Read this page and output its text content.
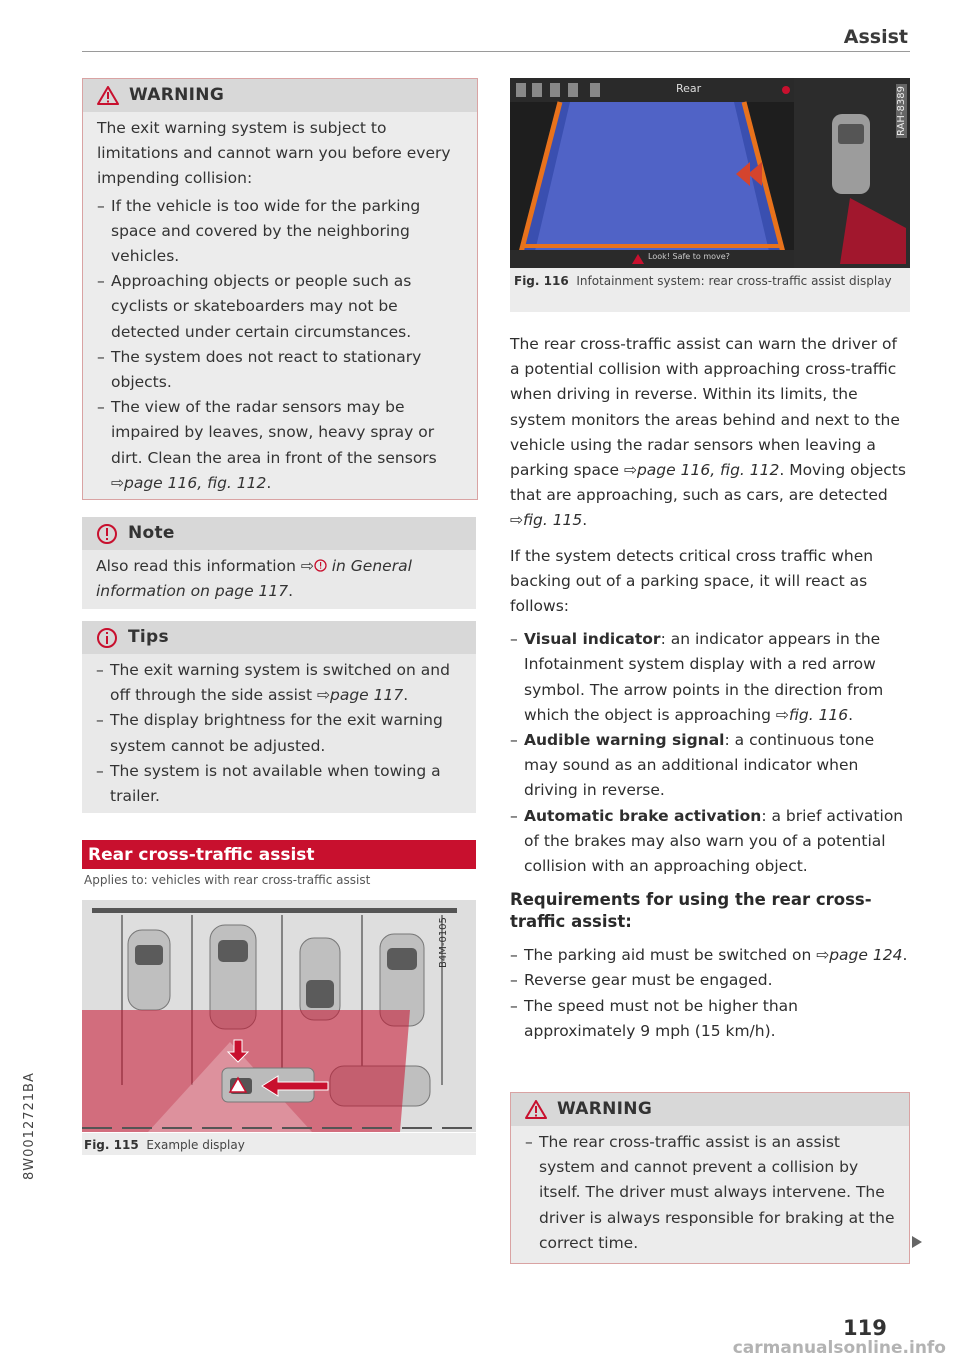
Assist
8W0012721BA
WARNING

The exit warning system is subject to limitations and cannot warn you before every impending collision:

– If the vehicle is too wide for the parking space and covered by the neighboring vehicles.

– Approaching objects or people such as cyclists or skateboarders may not be detected under certain circumstances.

– The system does not react to stationary objects.

– The view of the radar sensors may be impaired by leaves, snow, heavy spray or dirt. Clean the area in front of the sensors ⇨page 116, fig. 112.

Note

Also read this information ⇨ in General information on page 117.

Tips

– The exit warning system is switched on and off through the side assist ⇨page 117.

– The display brightness for the exit warning system cannot be adjusted.

– The system is not available when towing a trailer.

Rear cross-traffic assist
Applies to: vehicles with rear cross-traffic assist
B4M-0105
Fig. 115 Example display
Rear
Look! Safe to move?
RAH-8389
Fig. 116 Infotainment system: rear cross-traffic assist display

The rear cross-traffic assist can warn the driver of a potential collision with approaching cross-traffic when driving in reverse. Within its limits, the system monitors the areas behind and next to the vehicle using the radar sensors when leaving a parking space ⇨page 116, fig. 112. Moving objects that are approaching, such as cars, are detected ⇨fig. 115.

If the system detects critical cross traffic when backing out of a parking space, it will react as follows:

– Visual indicator: an indicator appears in the Infotainment system display with a red arrow symbol. The arrow points in the direction from which the object is approaching ⇨fig. 116.
– Audible warning signal: a continuous tone may sound as an additional indicator when driving in reverse.
– Automatic brake activation: a brief activation of the brakes may also warn you of a potential collision with an approaching object.
Requirements for using the rear cross-traffic assist:
– The parking aid must be switched on ⇨page 124.
– Reverse gear must be engaged.
– The speed must not be higher than approximately 9 mph (15 km/h).
WARNING

– The rear cross-traffic assist is an assist system and cannot prevent a collision by itself. The driver must always intervene. The driver is always responsible for braking at the correct time.

119
carmanualsonline.info
